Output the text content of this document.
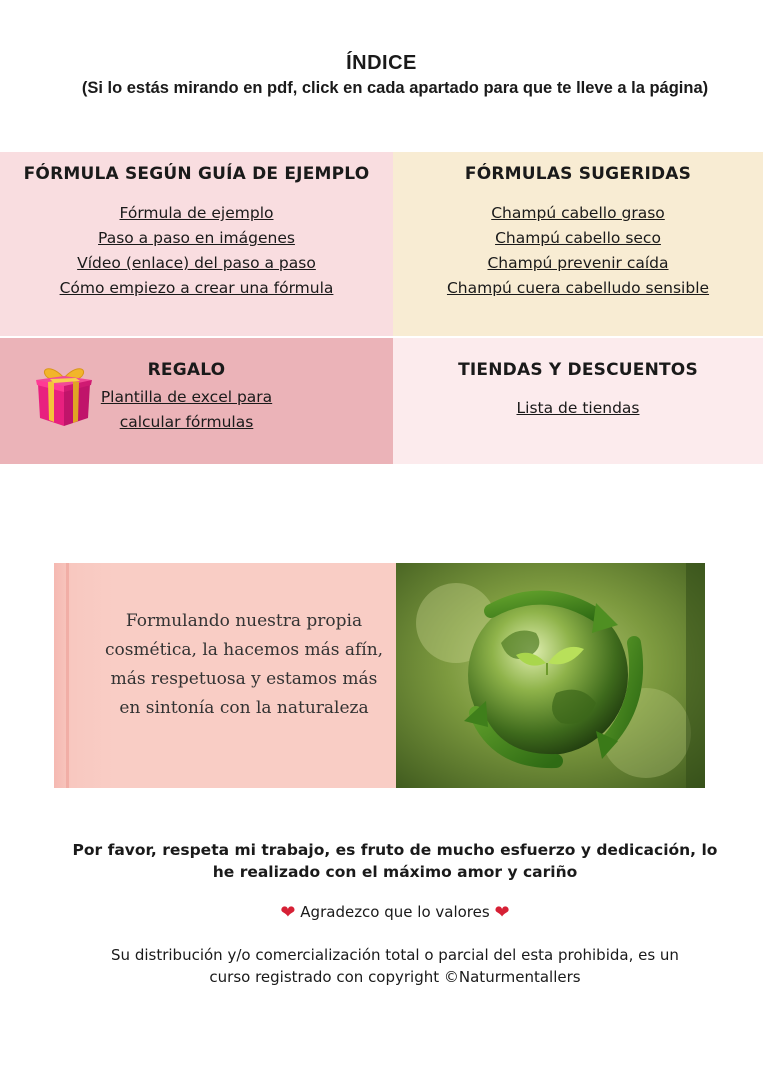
ÍNDICE
(Si lo estás mirando en pdf, click en cada apartado para que te lleve a la página)
FÓRMULA SEGÚN GUÍA DE EJEMPLO
Fórmula de ejemplo
Paso a paso en imágenes
Vídeo (enlace) del paso a paso
Cómo empiezo a crear una fórmula
FÓRMULAS SUGERIDAS
Champú cabello graso
Champú cabello seco
Champú prevenir caída
Champú cuera cabelludo sensible
REGALO
Plantilla de excel para
calcular fórmulas
TIENDAS Y DESCUENTOS
Lista de tiendas
Formulando nuestra propia
cosmética, la hacemos más afín,
más respetuosa y estamos más
en sintonía con la naturaleza
Por favor, respeta mi trabajo, es fruto de mucho esfuerzo y dedicación, lo
he realizado con el máximo amor y cariño
❤ Agradezco que lo valores ❤
Su distribución y/o comercialización total o parcial del esta prohibida, es un
curso registrado con copyright ©Naturmentallers
